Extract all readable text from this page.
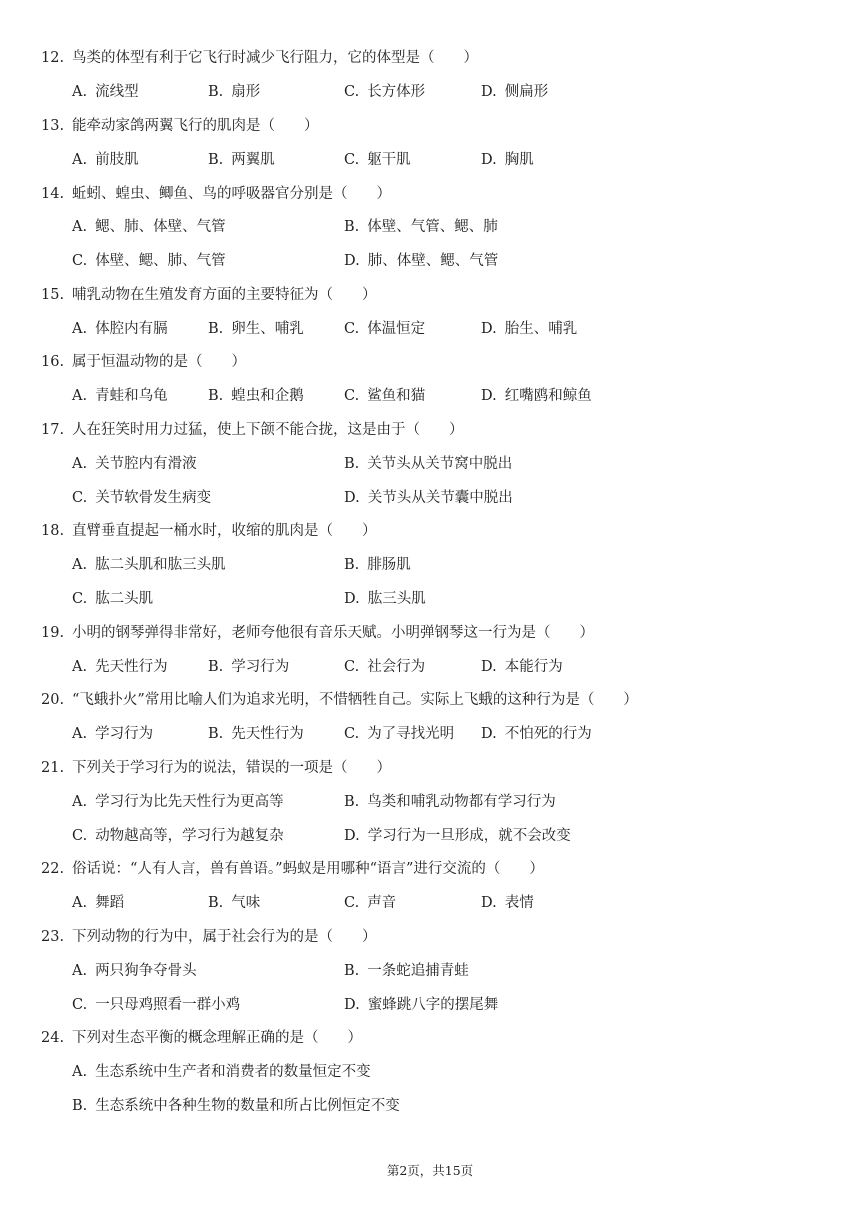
12. 鸟类的体型有利于它飞行时减少飞行阻力，它的体型是（　　）
A. 流线型	B. 扇形	C. 长方体形	D. 侧扁形
13. 能牵动家鸽两翼飞行的肌肉是（　　）
A. 前肢肌	B. 两翼肌	C. 躯干肌	D. 胸肌
14. 蚯蚓、蝗虫、鲫鱼、鸟的呼吸器官分别是（　　）
A. 鳃、肺、体壁、气管	B. 体壁、气管、鳃、肺
C. 体壁、鳃、肺、气管	D. 肺、体壁、鳃、气管
15. 哺乳动物在生殖发育方面的主要特征为（　　）
A. 体腔内有膈	B. 卵生、哺乳	C. 体温恒定	D. 胎生、哺乳
16. 属于恒温动物的是（　　）
A. 青蛙和乌龟	B. 蝗虫和企鹅	C. 鲨鱼和猫	D. 红嘴鸥和鲸鱼
17. 人在狂笑时用力过猛，使上下颌不能合拢，这是由于（　　）
A. 关节腔内有滑液	B. 关节头从关节窝中脱出
C. 关节软骨发生病变	D. 关节头从关节囊中脱出
18. 直臂垂直提起一桶水时，收缩的肌肉是（　　）
A. 肱二头肌和肱三头肌	B. 腓肠肌
C. 肱二头肌	D. 肱三头肌
19. 小明的钢琴弹得非常好，老师夸他很有音乐天赋。小明弹钢琴这一行为是（　　）
A. 先天性行为	B. 学习行为	C. 社会行为	D. 本能行为
20. “飞蛾扑火”常用比喻人们为追求光明，不惜牺牲自己。实际上飞蛾的这种行为是（　　）
A. 学习行为	B. 先天性行为	C. 为了寻找光明 D. 不怕死的行为
21. 下列关于学习行为的说法，错误的一项是（　　）
A. 学习行为比先天性行为更高等	B. 鸟类和哺乳动物都有学习行为
C. 动物越高等，学习行为越复杂	D. 学习行为一旦形成，就不会改变
22. 俗话说：“人有人言，兽有兽语。”蚂蚁是用哪种“语言”进行交流的（　　）
A. 舞蹈	B. 气味	C. 声音	D. 表情
23. 下列动物的行为中，属于社会行为的是（　　）
A. 两只狗争夺骨头	B. 一条蛇追捕青蛙
C. 一只母鸡照看一群小鸡	D. 蜜蜂跳八字的摆尾舞
24. 下列对生态平衡的概念理解正确的是（　　）
A. 生态系统中生产者和消费者的数量恒定不变
B. 生态系统中各种生物的数量和所占比例恒定不变
第2页，共15页
